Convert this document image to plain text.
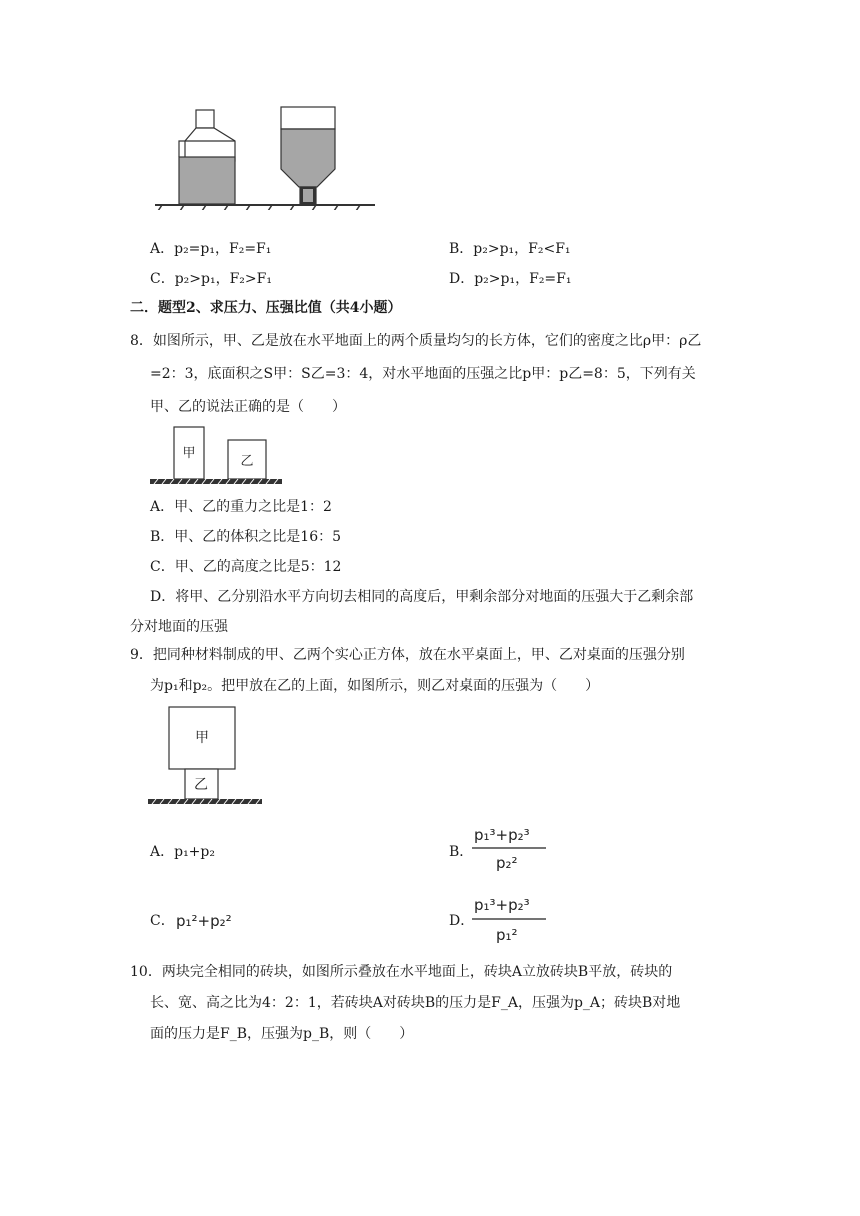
A．p₂=p₁，F₂=F₁	B．p₂>p₁，F₂<F₁
C．p₂>p₁，F₂>F₁	D．p₂>p₁，F₂=F₁
二．题型2、求压力、压强比值（共4小题）
8．如图所示，甲、乙是放在水平地面上的两个质量均匀的长方体，它们的密度之比ρ甲：ρ乙
=2：3，底面积之S甲：S乙=3：4，对水平地面的压强之比p甲：p乙=8：5，下列有关
甲、乙的说法正确的是（　　）
甲
乙
A．甲、乙的重力之比是1：2
B．甲、乙的体积之比是16：5
C．甲、乙的高度之比是5：12
D．将甲、乙分别沿水平方向切去相同的高度后，甲剩余部分对地面的压强大于乙剩余部
分对地面的压强
9．把同种材料制成的甲、乙两个实心正方体，放在水平桌面上，甲、乙对桌面的压强分别
为p₁和p₂。把甲放在乙的上面，如图所示，则乙对桌面的压强为（　　）
甲
乙
A．p₁+p₂	B．
p₁³+p₂³
p₂²
C． p₁²+p₂²	D．
p₁³+p₂³
p₁²
10．两块完全相同的砖块，如图所示叠放在水平地面上，砖块A立放砖块B平放，砖块的
长、宽、高之比为4：2：1，若砖块A对砖块B的压力是F_A，压强为p_A；砖块B对地
面的压力是F_B，压强为p_B，则（　　）
